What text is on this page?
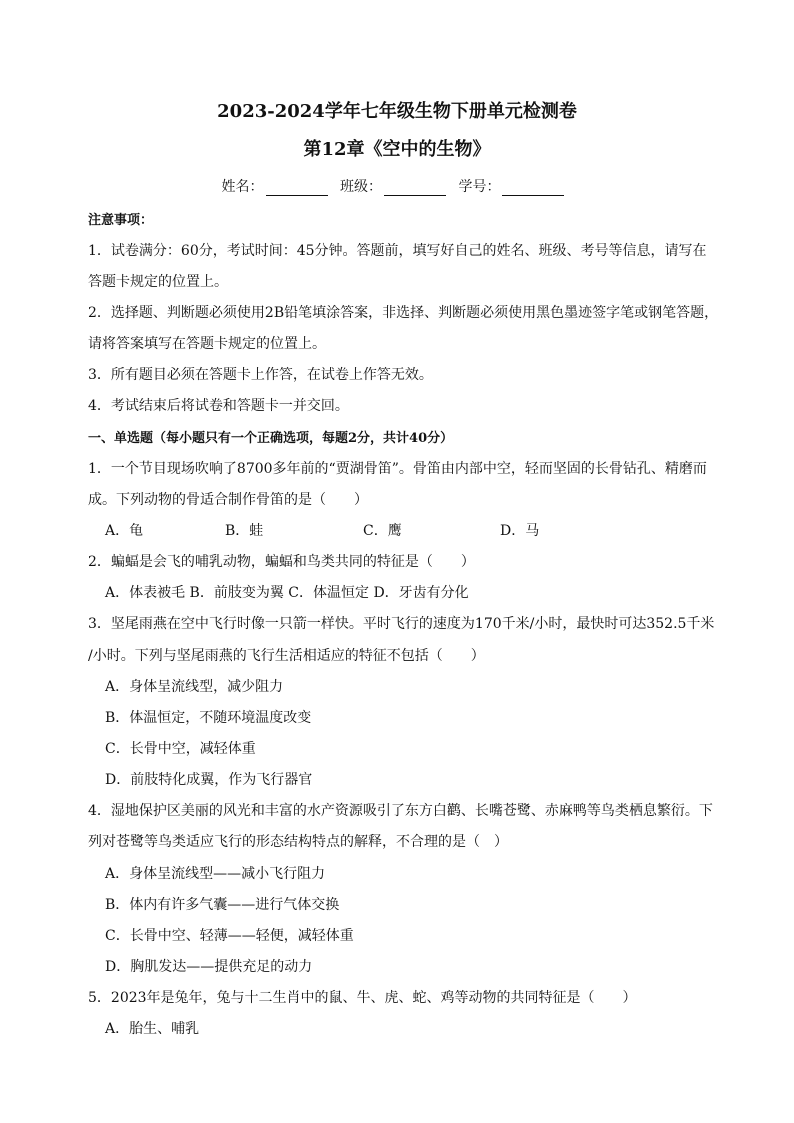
2023-2024学年七年级生物下册单元检测卷
第12章《空中的生物》
姓名：	班级：	学号：
注意事项：
1．试卷满分：60分，考试时间：45分钟。答题前，填写好自己的姓名、班级、考号等信息，请写在
答题卡规定的位置上。
2．选择题、判断题必须使用2B铅笔填涂答案，非选择、判断题必须使用黑色墨迹签字笔或钢笔答题，
请将答案填写在答题卡规定的位置上。
3．所有题目必须在答题卡上作答，在试卷上作答无效。
4．考试结束后将试卷和答题卡一并交回。
一、单选题（每小题只有一个正确选项，每题2分，共计40分）
1．一个节目现场吹响了8700多年前的“贾湖骨笛”。骨笛由内部中空，轻而坚固的长骨钻孔、精磨而
成。下列动物的骨适合制作骨笛的是（　　）
A．龟	B．蛙	C．鹰	D．马
2．蝙蝠是会飞的哺乳动物，蝙蝠和鸟类共同的特征是（　　）
A．体表被毛 B．前肢变为翼 C．体温恒定 D．牙齿有分化
3．坚尾雨燕在空中飞行时像一只箭一样快。平时飞行的速度为170千米/小时，最快时可达352.5千米
/小时。下列与坚尾雨燕的飞行生活相适应的特征不包括（　　）
A．身体呈流线型，减少阻力
B．体温恒定，不随环境温度改变
C．长骨中空，减轻体重
D．前肢特化成翼，作为飞行器官
4．湿地保护区美丽的风光和丰富的水产资源吸引了东方白鹳、长嘴苍鹭、赤麻鸭等鸟类栖息繁衍。下
列对苍鹭等鸟类适应飞行的形态结构特点的解释，不合理的是（　）
A．身体呈流线型——减小飞行阻力
B．体内有许多气囊——进行气体交换
C．长骨中空、轻薄——轻便，减轻体重
D．胸肌发达——提供充足的动力
5．2023年是兔年，兔与十二生肖中的鼠、牛、虎、蛇、鸡等动物的共同特征是（　　）
A．胎生、哺乳
